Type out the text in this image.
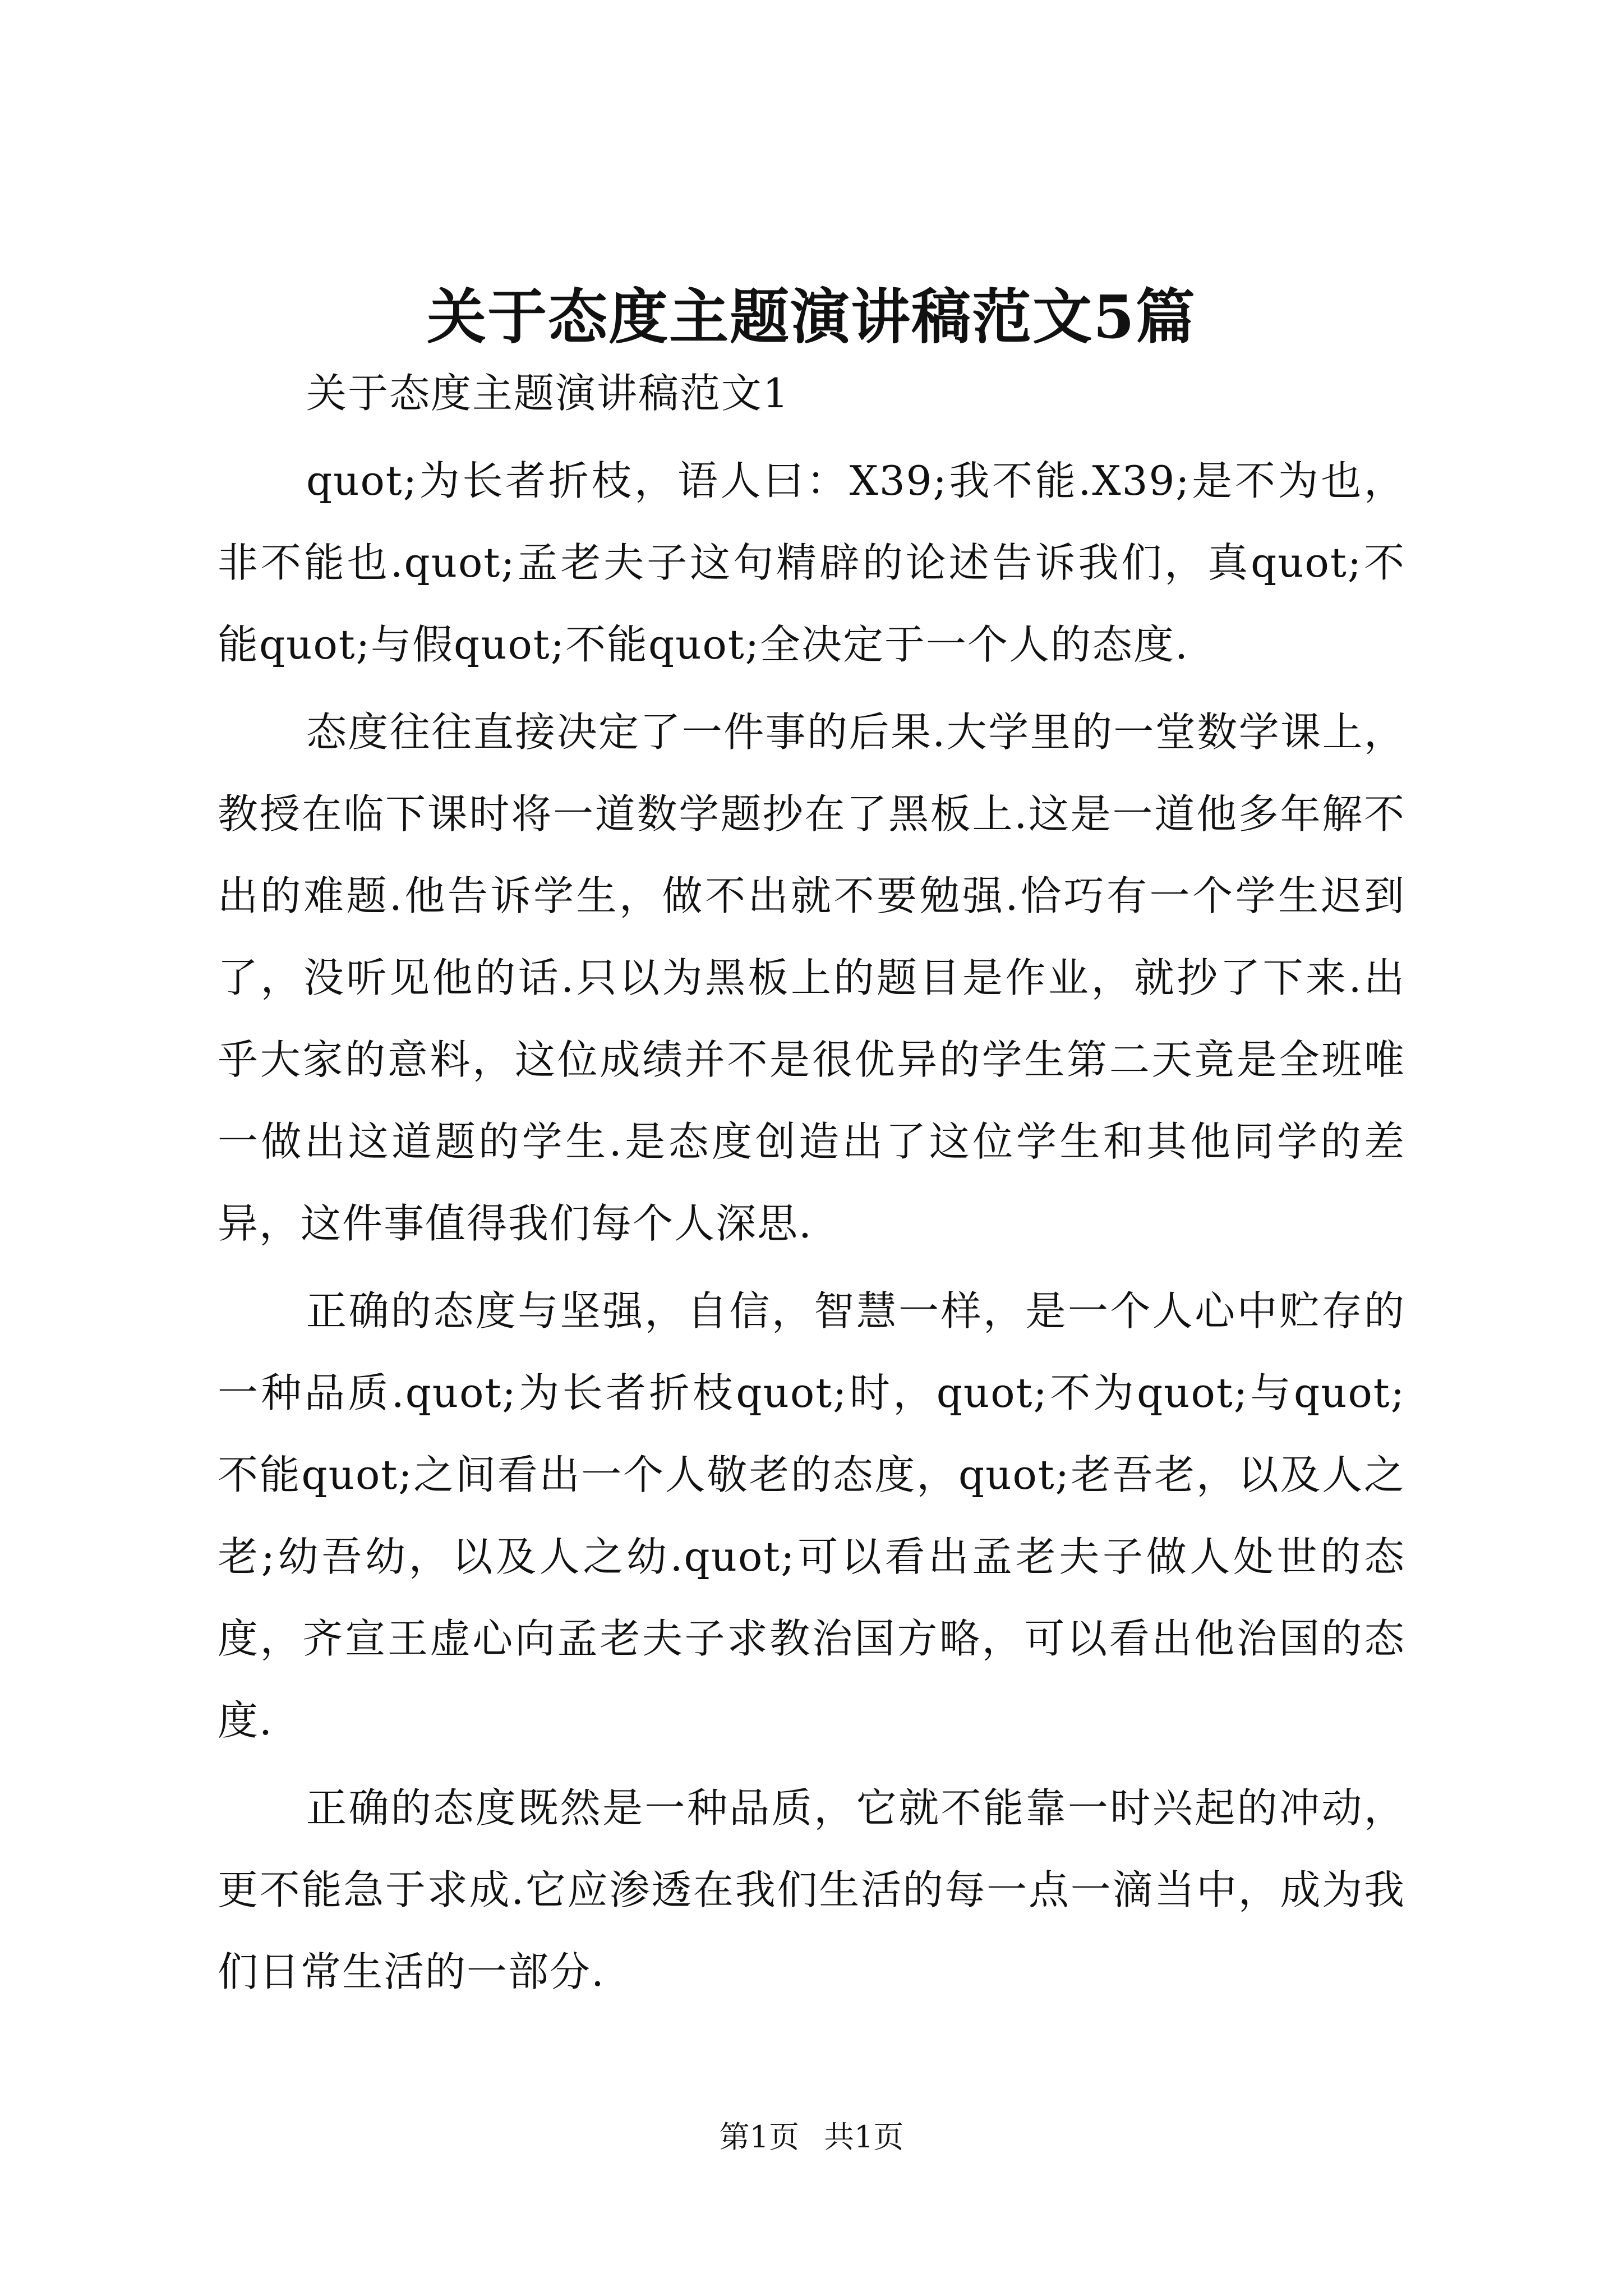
关于态度主题演讲稿范文5篇

关于态度主题演讲稿范文1

quot;为长者折枝，语人曰：X39;我不能.X39;是不为也，非不能也.quot;孟老夫子这句精辟的论述告诉我们，真quot;不能quot;与假quot;不能quot;全决定于一个人的态度.

态度往往直接决定了一件事的后果.大学里的一堂数学课上，教授在临下课时将一道数学题抄在了黑板上.这是一道他多年解不出的难题.他告诉学生，做不出就不要勉强.恰巧有一个学生迟到了，没听见他的话.只以为黑板上的题目是作业，就抄了下来.出乎大家的意料，这位成绩并不是很优异的学生第二天竟是全班唯一做出这道题的学生.是态度创造出了这位学生和其他同学的差异，这件事值得我们每个人深思.

正确的态度与坚强，自信，智慧一样，是一个人心中贮存的一种品质.quot;为长者折枝quot;时，quot;不为quot;与quot;不能quot;之间看出一个人敬老的态度，quot;老吾老，以及人之老;幼吾幼，以及人之幼.quot;可以看出孟老夫子做人处世的态度，齐宣王虚心向孟老夫子求教治国方略，可以看出他治国的态度.

正确的态度既然是一种品质，它就不能靠一时兴起的冲动，更不能急于求成.它应渗透在我们生活的每一点一滴当中，成为我们日常生活的一部分.

第1页 共1页
